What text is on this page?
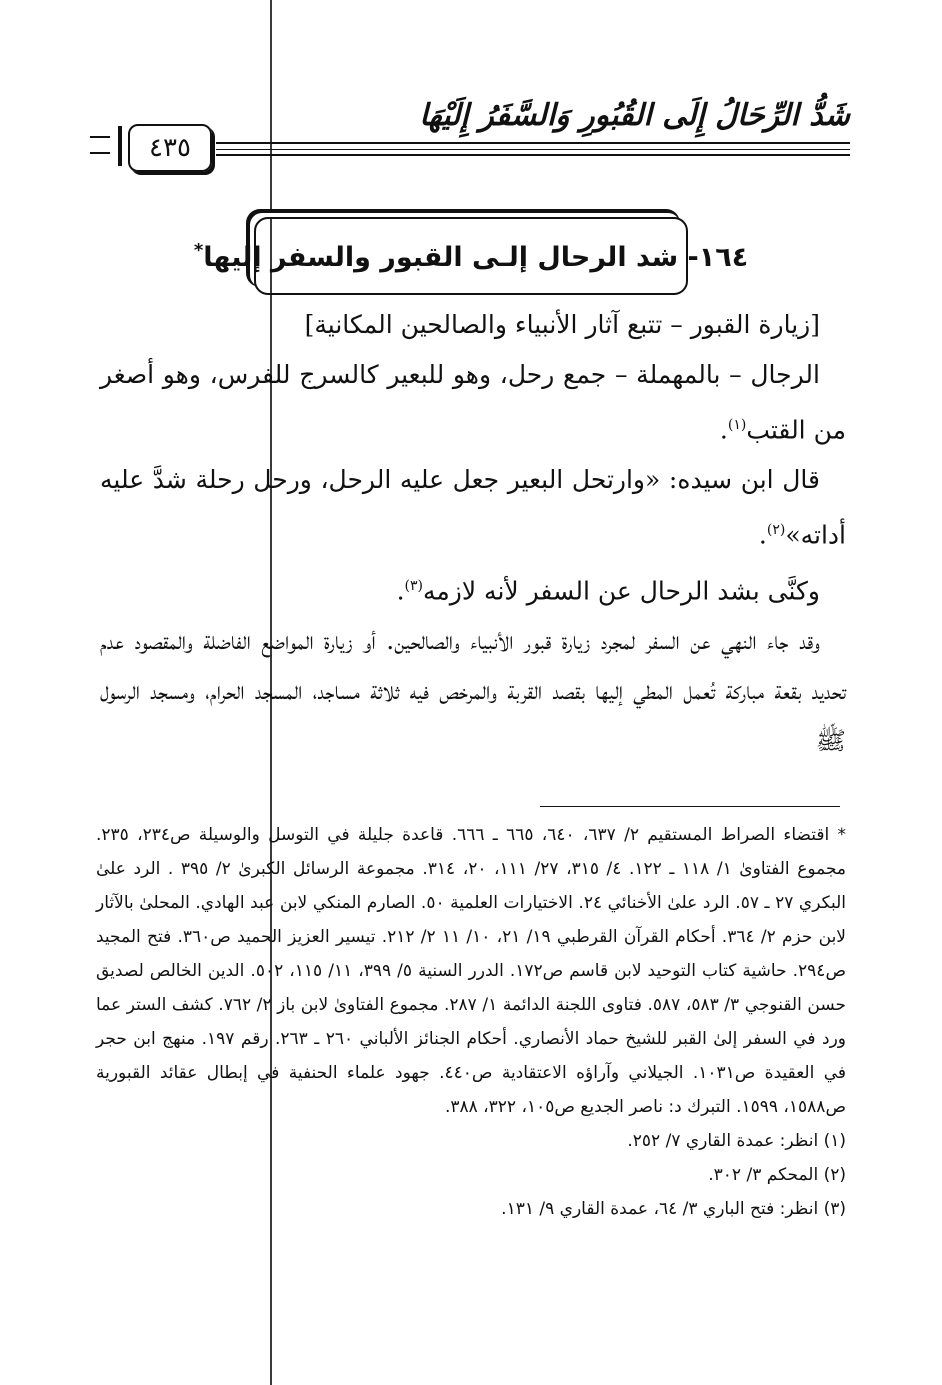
شَدُّ الرِّحَالُ إِلَى القُبُورِ وَالسَّفَرُ إِلَيْهَا
٤٣٥
١٦٤- شد الرحال إلـى القبور والسفر إليها*

[زيارة القبور – تتبع آثار الأنبياء والصالحين المكانية]

الرجال – بالمهملة – جمع رحل، وهو للبعير كالسرج للفرس، وهو أصغر من القتب$^{(١)}$.

قال ابن سيده: «وارتحل البعير جعل عليه الرحل، ورحل رحلة شدَّ عليه أداته»$^{(٢)}$.

وكنَّى بشد الرحال عن السفر لأنه لازمه$^{(٣)}$.

وقد جاء النهي عن السفر لمجرد زيارة قبور الأنبياء والصالحين. أو زيارة المواضع الفاضلة والمقصود عدم تحديد بقعة مباركة تُعمل المطي إليها بقصد القربة والمرخص فيه ثلاثة مساجد، المسجد الحرام، ومسجد الرسول ﷺ

* اقتضاء الصراط المستقيم ٢/ ٦٣٧، ٦٤٠، ٦٦٥ ـ ٦٦٦. قاعدة جليلة في التوسل والوسيلة ص٢٣٤، ٢٣٥. مجموع الفتاوىٰ ١/ ١١٨ ـ ١٢٢. ٤/ ٣١٥، ٢٧/ ١١١، ٢٠، ٣١٤. مجموعة الرسائل الكبرىٰ ٢/ ٣٩٥ . الرد علىٰ البكري ٢٧ ـ ٥٧. الرد علىٰ الأخنائي ٢٤. الاختيارات العلمية ٥٠. الصارم المنكي لابن عبد الهادي. المحلىٰ بالآثار لابن حزم ٢/ ٣٦٤. أحكام القرآن القرطبي ١٩/ ٢١، ١٠/ ١١ ٢/ ٢١٢. تيسير العزيز الحميد ص٣٦٠. فتح المجيد ص٢٩٤. حاشية كتاب التوحيد لابن قاسم ص١٧٢. الدرر السنية ٥/ ٣٩٩، ١١/ ١١٥، ٥٠٢. الدين الخالص لصديق حسن القنوجي ٣/ ٥٨٣، ٥٨٧. فتاوى اللجنة الدائمة ١/ ٢٨٧. مجموع الفتاوىٰ لابن باز ٢/ ٧٦٢. كشف الستر عما ورد في السفر إلىٰ القبر للشيخ حماد الأنصاري. أحكام الجنائز الألباني ٢٦٠ ـ ٢٦٣. رقم ١٩٧. منهج ابن حجر في العقيدة ص١٠٣١. الجيلاني وآراؤه الاعتقادية ص٤٤٠. جهود علماء الحنفية في إبطال عقائد القبورية ص١٥٨٨، ١٥٩٩. التبرك د: ناصر الجديع ص١٠٥، ٣٢٢، ٣٨٨.

(١) انظر: عمدة القاري ٧/ ٢٥٢.

(٢) المحكم ٣/ ٣٠٢.

(٣) انظر: فتح الباري ٣/ ٦٤، عمدة القاري ٩/ ١٣١.
